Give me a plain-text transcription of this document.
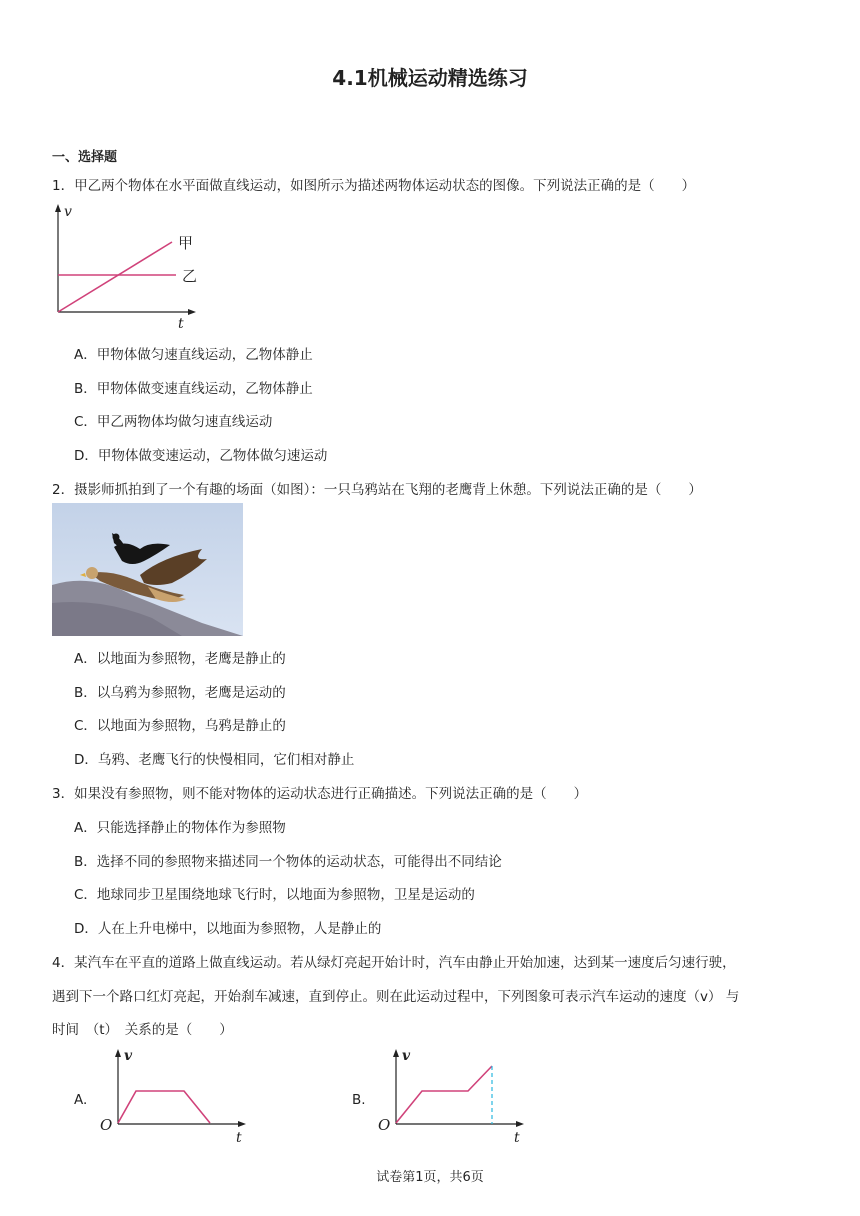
4.1机械运动精选练习
一、选择题
1．甲乙两个物体在水平面做直线运动，如图所示为描述两物体运动状态的图像。下列说法正确的是（　　）
v
t
甲
乙
A．甲物体做匀速直线运动，乙物体静止
B．甲物体做变速直线运动，乙物体静止
C．甲乙两物体均做匀速直线运动
D．甲物体做变速运动，乙物体做匀速运动
2．摄影师抓拍到了一个有趣的场面（如图）：一只乌鸦站在飞翔的老鹰背上休憩。下列说法正确的是（　　）
A．以地面为参照物，老鹰是静止的
B．以乌鸦为参照物，老鹰是运动的
C．以地面为参照物，乌鸦是静止的
D．乌鸦、老鹰飞行的快慢相同，它们相对静止
3．如果没有参照物，则不能对物体的运动状态进行正确描述。下列说法正确的是（　　）
A．只能选择静止的物体作为参照物
B．选择不同的参照物来描述同一个物体的运动状态，可能得出不同结论
C．地球同步卫星围绕地球飞行时，以地面为参照物，卫星是运动的
D．人在上升电梯中，以地面为参照物，人是静止的
4．某汽车在平直的道路上做直线运动。若从绿灯亮起开始计时，汽车由静止开始加速，达到某一速度后匀速行驶，
遇到下一个路口红灯亮起，开始刹车减速，直到停止。则在此运动过程中，下列图象可表示汽车运动的速度（v） 与
时间　（t）　关系的是（　　）
A.
v
t
O
B.
v
t
O
试卷第1页，共6页
